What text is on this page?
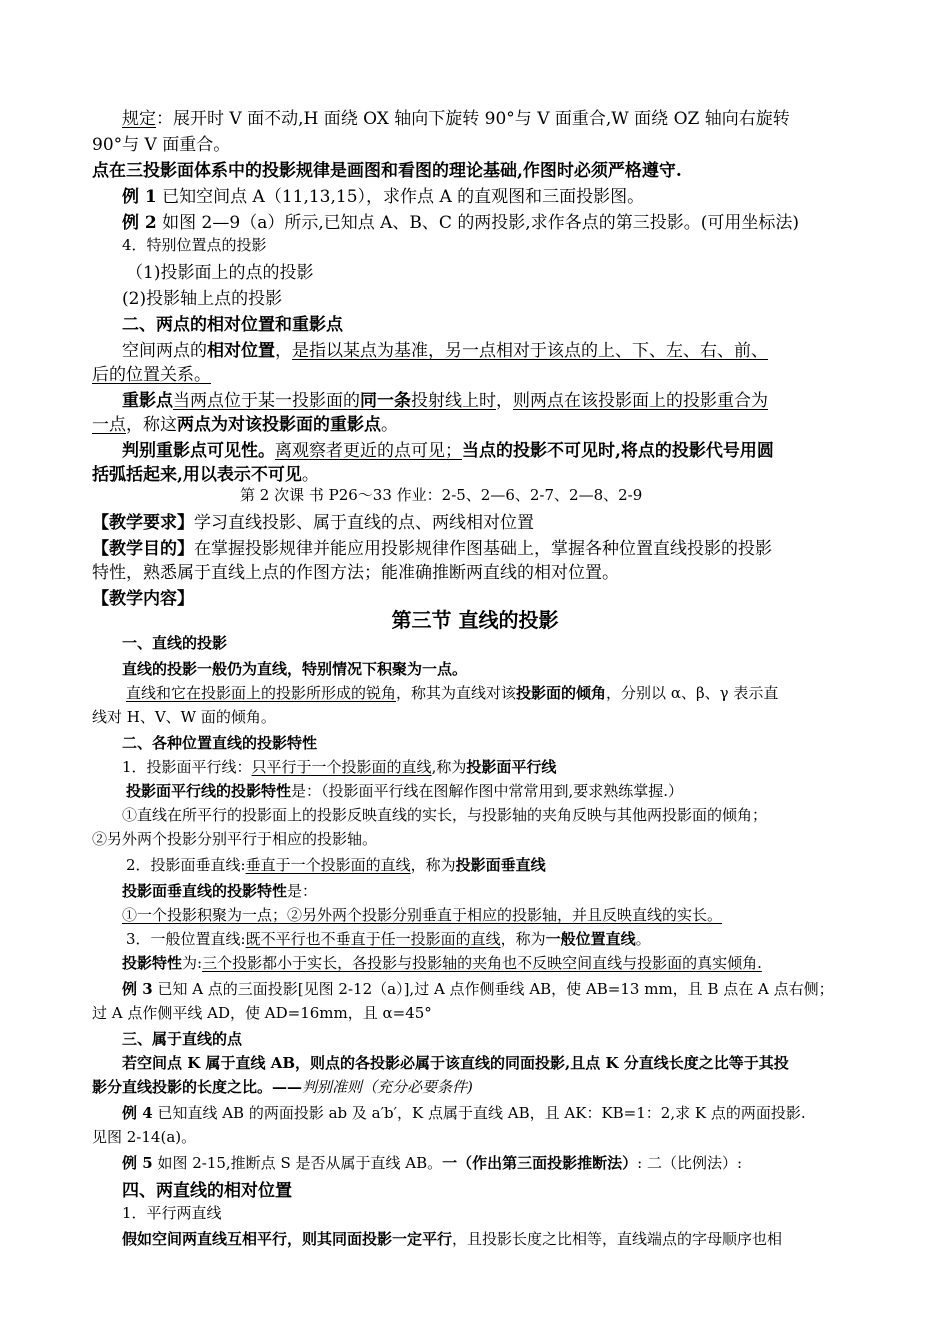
规定：展开时 V 面不动,H 面绕 OX 轴向下旋转 90°与 V 面重合,W 面绕 OZ 轴向右旋转
90°与 V 面重合。
点在三投影面体系中的投影规律是画图和看图的理论基础,作图时必须严格遵守.
例 1 已知空间点 A（11,13,15），求作点 A 的直观图和三面投影图。
例 2 如图 2—9（a）所示,已知点 A、B、C 的两投影,求作各点的第三投影。(可用坐标法)
4．特别位置点的投影
（1)投影面上的点的投影
(2)投影轴上点的投影
二、两点的相对位置和重影点
空间两点的相对位置，是指以某点为基准，另一点相对于该点的上、下、左、右、前、
后的位置关系。
重影点当两点位于某一投影面的同一条投射线上时，则两点在该投影面上的投影重合为
一点，称这两点为对该投影面的重影点。
判别重影点可见性。离观察者更近的点可见；当点的投影不可见时,将点的投影代号用圆
括弧括起来,用以表示不可见。
第 2 次课 书 P26～33 作业：2-5、2—6、2-7、2—8、2-9
【教学要求】学习直线投影、属于直线的点、两线相对位置
【教学目的】在掌握投影规律并能应用投影规律作图基础上，掌握各种位置直线投影的投影
特性，熟悉属于直线上点的作图方法；能准确推断两直线的相对位置。
【教学内容】
第三节 直线的投影
一、直线的投影
直线的投影一般仍为直线，特别情况下积聚为一点。
直线和它在投影面上的投影所形成的锐角，称其为直线对该投影面的倾角，分别以 α、β、γ 表示直
线对 H、V、W 面的倾角。
二、各种位置直线的投影特性
1．投影面平行线：只平行于一个投影面的直线,称为投影面平行线
投影面平行线的投影特性是：（投影面平行线在图解作图中常常用到,要求熟练掌握.）
①直线在所平行的投影面上的投影反映直线的实长，与投影轴的夹角反映与其他两投影面的倾角；
②另外两个投影分别平行于相应的投影轴。
2．投影面垂直线:垂直于一个投影面的直线，称为投影面垂直线
投影面垂直线的投影特性是：
①一个投影积聚为一点；②另外两个投影分别垂直于相应的投影轴，并且反映直线的实长。
3．一般位置直线:既不平行也不垂直于任一投影面的直线，称为一般位置直线。
投影特性为:三个投影都小于实长，各投影与投影轴的夹角也不反映空间直线与投影面的真实倾角.
例 3 已知 A 点的三面投影[见图 2-12（a）],过 A 点作侧垂线 AB，使 AB=13 mm，且 B 点在 A 点右侧；
过 A 点作侧平线 AD，使 AD=16mm，且 α=45°
三、属于直线的点
若空间点 K 属于直线 AB，则点的各投影必属于该直线的同面投影,且点 K 分直线长度之比等于其投
影分直线投影的长度之比。——判别准则（充分必要条件)
例 4 已知直线 AB 的两面投影 ab 及 a′b′，K 点属于直线 AB，且 AK：KB=1：2,求 K 点的两面投影.
见图 2-14(a)。
例 5 如图 2-15,推断点 S 是否从属于直线 AB。一（作出第三面投影推断法）: 二（比例法）:
四、两直线的相对位置
1．平行两直线
假如空间两直线互相平行，则其同面投影一定平行，且投影长度之比相等，直线端点的字母顺序也相
